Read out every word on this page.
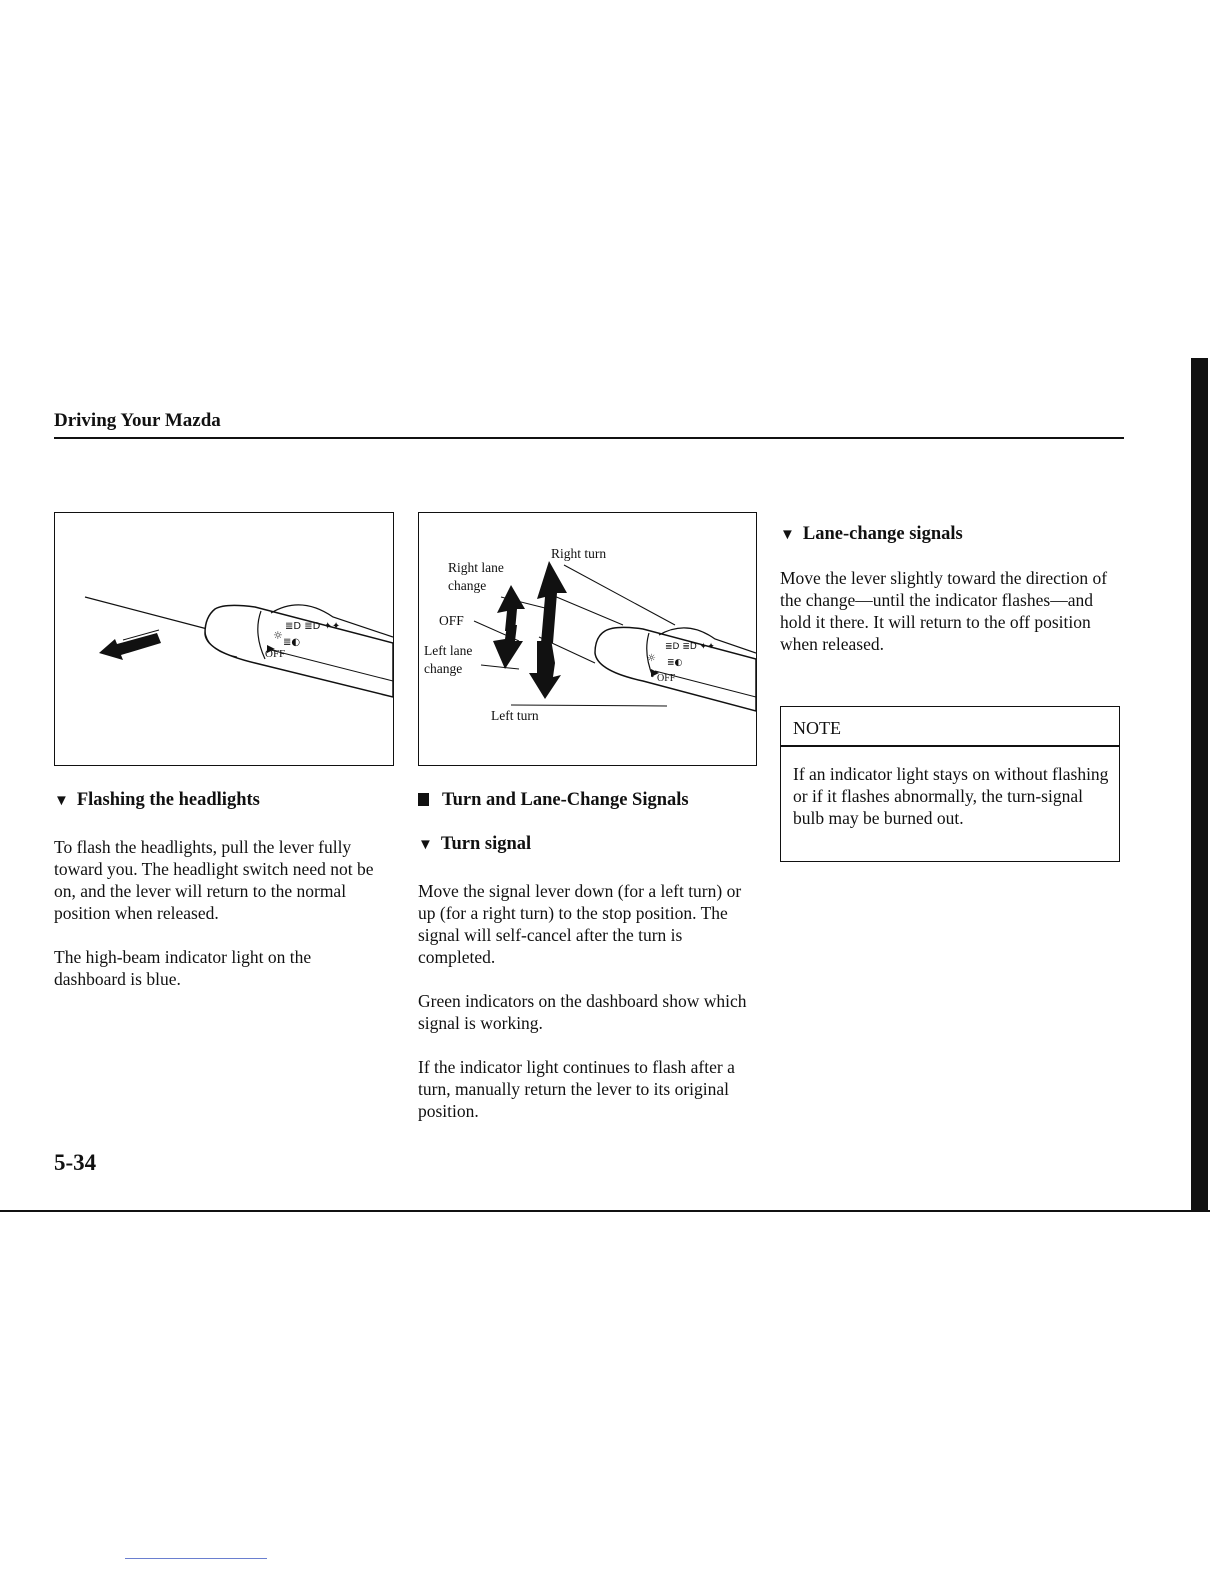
Driving Your Mazda
☼
≣D ≣D ✦✦
≣◐
OFF	☼
≣D ≣D ✦✦
≣◐
Right turn
Right lane
change
OFF
Left lane
change
Left turn
OFF
▼ Flashing the headlights
To flash the headlights, pull the lever fully toward you. The headlight switch need not be on, and the lever will return to the normal position when released.
The high-beam indicator light on the dashboard is blue.
Turn and Lane-Change Signals
▼ Turn signal
Move the signal lever down (for a left turn) or up (for a right turn) to the stop position. The signal will self-cancel after the turn is completed.
Green indicators on the dashboard show which signal is working.
If the indicator light continues to flash after a turn, manually return the lever to its original position.
▼ Lane-change signals
Move the lever slightly toward the direction of the change—until the indicator flashes—and hold it there. It will return to the off position when released.
NOTE
If an indicator light stays on without flashing or if it flashes abnormally, the turn-signal bulb may be burned out.
5-34
